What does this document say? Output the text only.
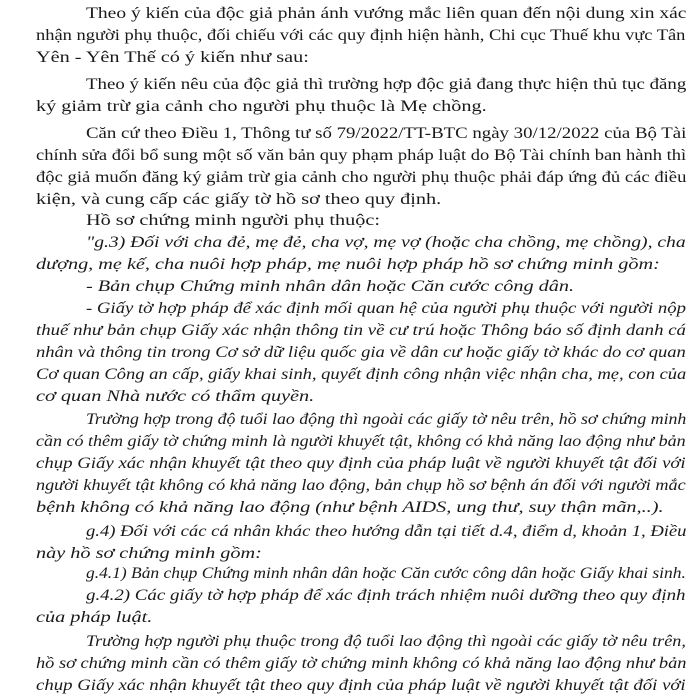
Theo ý kiến của độc giả phản ánh vướng mắc liên quan đến nội dung xin xác
nhận người phụ thuộc, đối chiếu với các quy định hiện hành, Chi cục Thuế khu vực Tân
Yên - Yên Thế có ý kiến như sau:
Theo ý kiến nêu của độc giả thì trường hợp độc giả đang thực hiện thủ tục đăng
ký giảm trừ gia cảnh cho người phụ thuộc là Mẹ chồng.
Căn cứ theo Điều 1, Thông tư số 79/2022/TT-BTC ngày 30/12/2022 của Bộ Tài
chính sửa đổi bổ sung một số văn bản quy phạm pháp luật do Bộ Tài chính ban hành thì
độc giả muốn đăng ký giảm trừ gia cảnh cho người phụ thuộc phải đáp ứng đủ các điều
kiện, và cung cấp các giấy tờ hồ sơ theo quy định.
Hồ sơ chứng minh người phụ thuộc:
"g.3) Đối với cha đẻ, mẹ đẻ, cha vợ, mẹ vợ (hoặc cha chồng, mẹ chồng), cha
dượng, mẹ kế, cha nuôi hợp pháp, mẹ nuôi hợp pháp hồ sơ chứng minh gồm:
- Bản chụp Chứng minh nhân dân hoặc Căn cước công dân.
- Giấy tờ hợp pháp để xác định mối quan hệ của người phụ thuộc với người nộp
thuế như bản chụp Giấy xác nhận thông tin về cư trú hoặc Thông báo số định danh cá
nhân và thông tin trong Cơ sở dữ liệu quốc gia về dân cư hoặc giấy tờ khác do cơ quan
Cơ quan Công an cấp, giấy khai sinh, quyết định công nhận việc nhận cha, mẹ, con của
cơ quan Nhà nước có thẩm quyền.
Trường hợp trong độ tuổi lao động thì ngoài các giấy tờ nêu trên, hồ sơ chứng minh
cần có thêm giấy tờ chứng minh là người khuyết tật, không có khả năng lao động như bản
chụp Giấy xác nhận khuyết tật theo quy định của pháp luật về người khuyết tật đối với
người khuyết tật không có khả năng lao động, bản chụp hồ sơ bệnh án đối với người mắc
bệnh không có khả năng lao động (như bệnh AIDS, ung thư, suy thận mãn,..).
g.4) Đối với các cá nhân khác theo hướng dẫn tại tiết d.4, điểm d, khoản 1, Điều
này hồ sơ chứng minh gồm:
g.4.1) Bản chụp Chứng minh nhân dân hoặc Căn cước công dân hoặc Giấy khai sinh.
g.4.2) Các giấy tờ hợp pháp để xác định trách nhiệm nuôi dưỡng theo quy định
của pháp luật.
Trường hợp người phụ thuộc trong độ tuổi lao động thì ngoài các giấy tờ nêu trên,
hồ sơ chứng minh cần có thêm giấy tờ chứng minh không có khả năng lao động như bản
chụp Giấy xác nhận khuyết tật theo quy định của pháp luật về người khuyết tật đối với
